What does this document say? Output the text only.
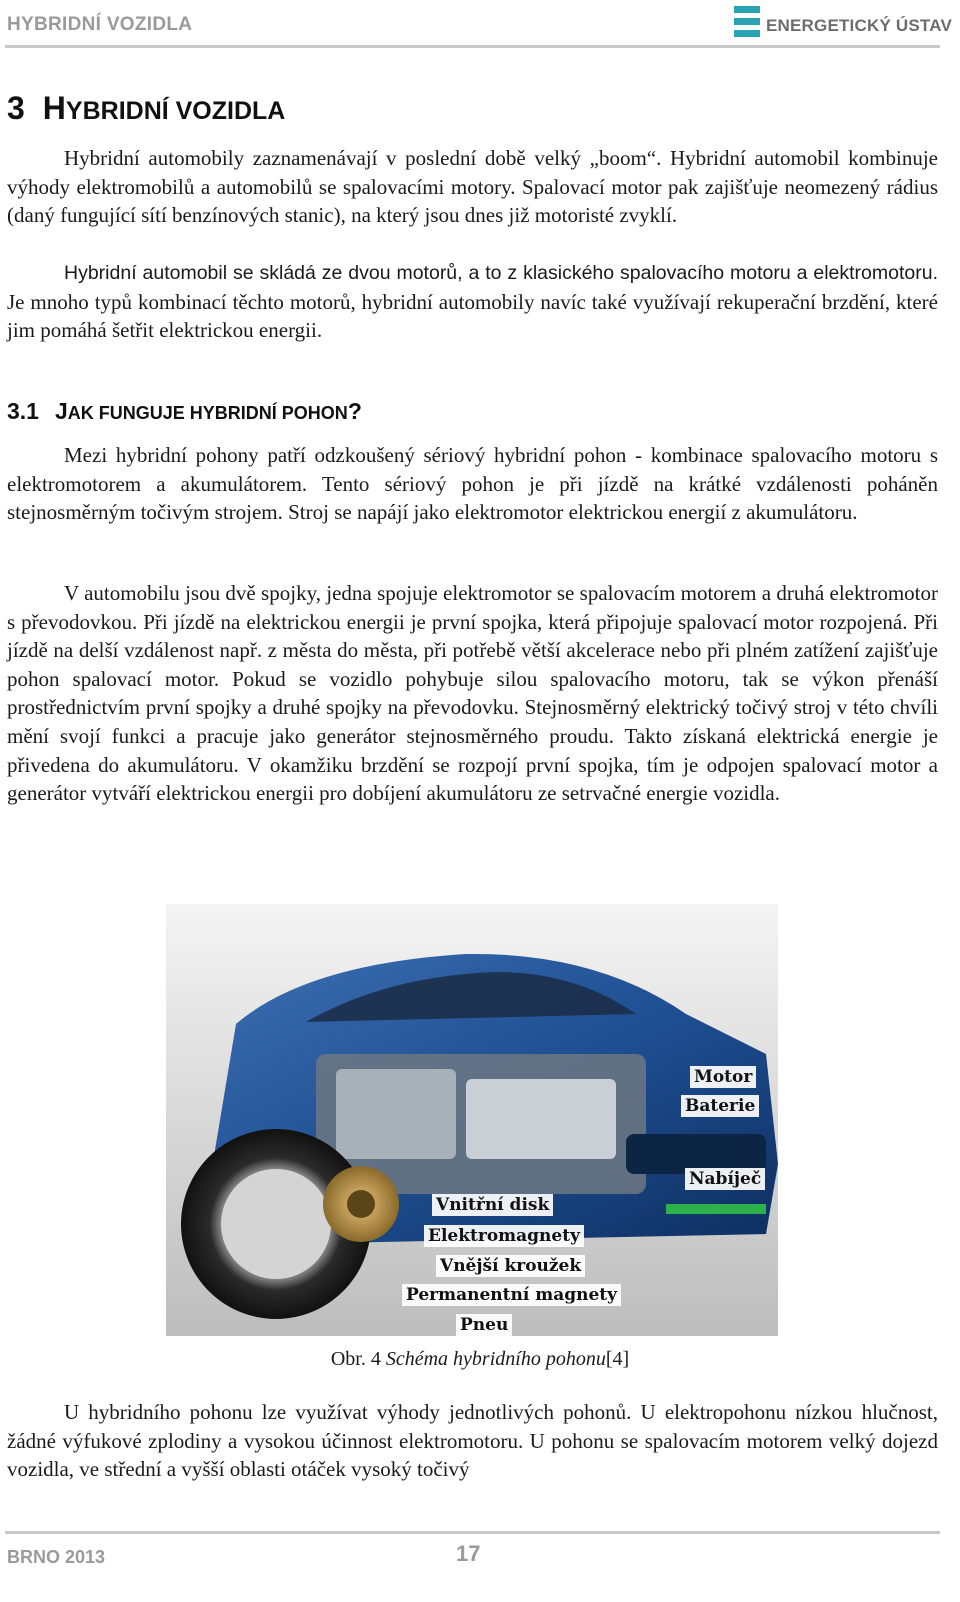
HYBRIDNÍ VOZIDLA	ENERGETICKÝ ÚSTAV
3 HYBRIDNÍ VOZIDLA

Hybridní automobily zaznamenávají v poslední době velký „boom“. Hybridní automobil kombinuje výhody elektromobilů a automobilů se spalovacími motory. Spalovací motor pak zajišťuje neomezený rádius (daný fungující sítí benzínových stanic), na který jsou dnes již motoristé zvyklí.

Hybridní automobil se skládá ze dvou motorů, a to z klasického spalovacího motoru a elektromotoru. Je mnoho typů kombinací těchto motorů, hybridní automobily navíc také využívají rekuperační brzdění, které jim pomáhá šetřit elektrickou energii.

3.1 JAK FUNGUJE HYBRIDNÍ POHON?

Mezi hybridní pohony patří odzkoušený sériový hybridní pohon - kombinace spalovacího motoru s elektromotorem a akumulátorem. Tento sériový pohon je při jízdě na krátké vzdálenosti poháněn stejnosměrným točivým strojem. Stroj se napájí jako elektromotor elektrickou energií z akumulátoru.

V automobilu jsou dvě spojky, jedna spojuje elektromotor se spalovacím motorem a druhá elektromotor s převodovkou. Při jízdě na elektrickou energii je první spojka, která připojuje spalovací motor rozpojená. Při jízdě na delší vzdálenost např. z města do města, při potřebě větší akcelerace nebo při plném zatížení zajišťuje pohon spalovací motor. Pokud se vozidlo pohybuje silou spalovacího motoru, tak se výkon přenáší prostřednictvím první spojky a druhé spojky na převodovku. Stejnosměrný elektrický točivý stroj v této chvíli mění svojí funkci a pracuje jako generátor stejnosměrného proudu. Takto získaná elektrická energie je přivedena do akumulátoru. V okamžiku brzdění se rozpojí první spojka, tím je odpojen spalovací motor a generátor vytváří elektrickou energii pro dobíjení akumulátoru ze setrvačné energie vozidla.

Motor
Baterie
Nabíječ
Vnitřní disk
Elektromagnety
Vnější kroužek
Permanentní magnety
Pneu
Obr. 4 Schéma hybridního pohonu[4]

U hybridního pohonu lze využívat výhody jednotlivých pohonů. U elektropohonu nízkou hlučnost, žádné výfukové zplodiny a vysokou účinnost elektromotoru. U pohonu se spalovacím motorem velký dojezd vozidla, ve střední a vyšší oblasti otáček vysoký točivý

BRNO 2013	17
